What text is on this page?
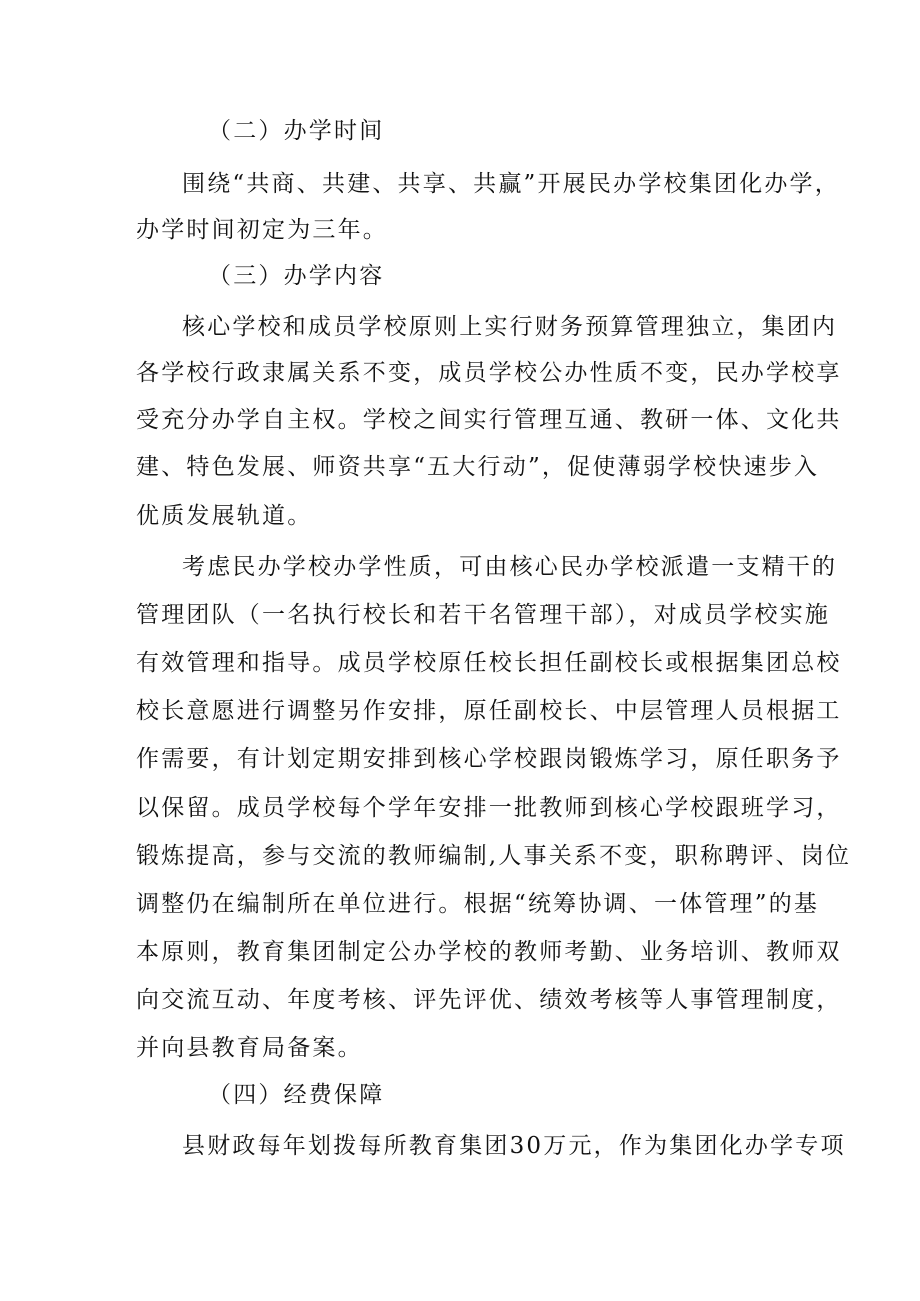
（二）办学时间
围绕“共商、共建、共享、共赢”开展民办学校集团化办学，
办学时间初定为三年。
（三）办学内容
核心学校和成员学校原则上实行财务预算管理独立，集团内
各学校行政隶属关系不变，成员学校公办性质不变，民办学校享
受充分办学自主权。学校之间实行管理互通、教研一体、文化共
建、特色发展、师资共享“五大行动”，促使薄弱学校快速步入
优质发展轨道。
考虑民办学校办学性质，可由核心民办学校派遣一支精干的
管理团队（一名执行校长和若干名管理干部），对成员学校实施
有效管理和指导。成员学校原任校长担任副校长或根据集团总校
校长意愿进行调整另作安排，原任副校长、中层管理人员根据工
作需要，有计划定期安排到核心学校跟岗锻炼学习，原任职务予
以保留。成员学校每个学年安排一批教师到核心学校跟班学习，
锻炼提高，参与交流的教师编制,人事关系不变，职称聘评、岗位
调整仍在编制所在单位进行。根据“统筹协调、一体管理”的基
本原则，教育集团制定公办学校的教师考勤、业务培训、教师双
向交流互动、年度考核、评先评优、绩效考核等人事管理制度，
并向县教育局备案。
（四）经费保障
县财政每年划拨每所教育集团30万元，作为集团化办学专项
